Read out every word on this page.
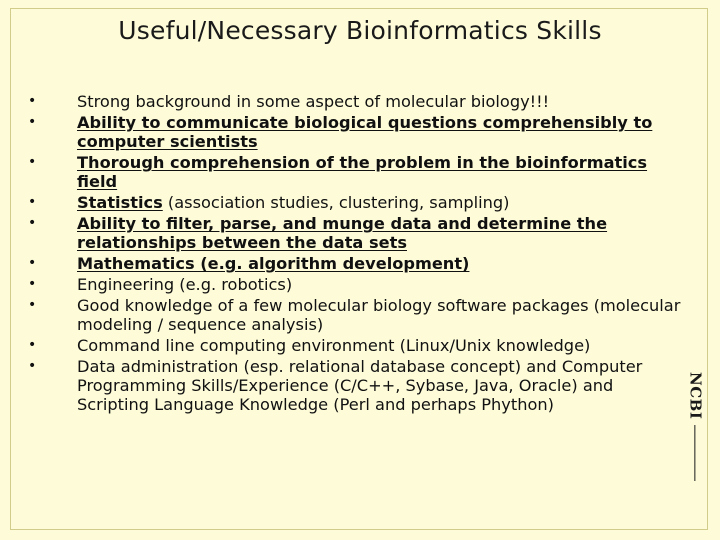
Useful/Necessary Bioinformatics Skills
• Strong background in some aspect of molecular biology!!!
• Ability to communicate biological questions comprehensibly to computer scientists
• Thorough comprehension of the problem in the bioinformatics field
• Statistics (association studies, clustering, sampling)
• Ability to filter, parse, and munge data and determine the relationships between the data sets
• Mathematics (e.g. algorithm development)
• Engineering (e.g. robotics)
• Good knowledge of a few molecular biology software packages (molecular modeling / sequence analysis)
• Command line computing environment (Linux/Unix knowledge)
• Data administration (esp. relational database concept) and Computer Programming Skills/Experience (C/C++, Sybase, Java, Oracle) and Scripting Language Knowledge (Perl and perhaps Phython)	NCBI
